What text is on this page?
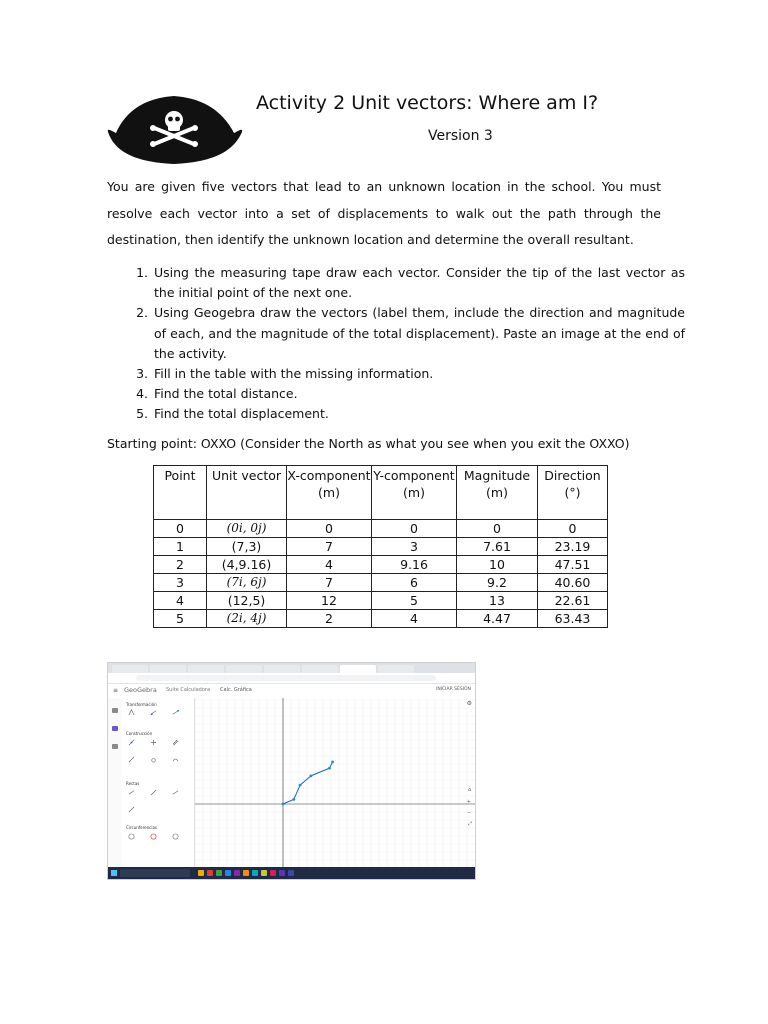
Activity 2 Unit vectors: Where am I?
Version 3
You are given five vectors that lead to an unknown location in the school. You must resolve each vector into a set of displacements to walk out the path through the destination, then identify the unknown location and determine the overall resultant.
1. Using the measuring tape draw each vector. Consider the tip of the last vector as the initial point of the next one.
2. Using Geogebra draw the vectors (label them, include the direction and magnitude of each, and the magnitude of the total displacement). Paste an image at the end of the activity.
3. Fill in the table with the missing information.
4. Find the total distance.
5. Find the total displacement.
Starting point: OXXO (Consider the North as what you see when you exit the OXXO)
Point	Unit vector	X-component (m)	Y-component (m)	Magnitude (m)	Direction (°)
0	(0i, 0j)	0	0	0	0
1	(7,3)	7	3	7.61	23.19
2	(4,9.16)	4	9.16	10	47.51
3	(7i, 6j)	7	6	9.2	40.60
4	(12,5)	12	5	13	22.61
5	(2i, 4j)	2	4	4.47	63.43
≡ GeoGebra Suite Calculadora Calc. Gráfica	INICIAR SESIÓN
Transformación
Construcción
Rectas
Circunferencias
⚙
⌂
+
−
⤢
